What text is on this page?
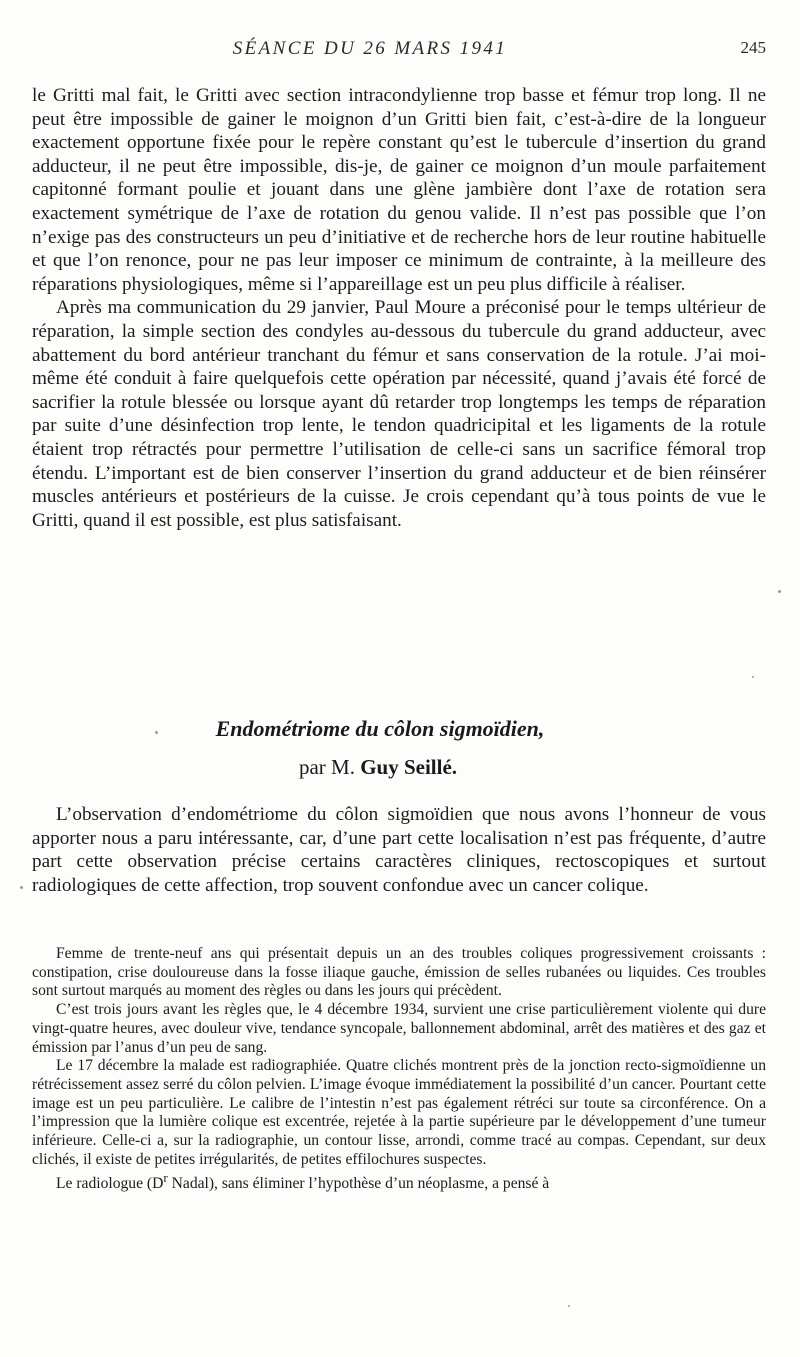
SÉANCE DU 26 MARS 1941	245

le Gritti mal fait, le Gritti avec section intracondylienne trop basse et fémur trop long. Il ne peut être impossible de gainer le moignon d’un Gritti bien fait, c’est-à-dire de la longueur exactement opportune fixée pour le repère constant qu’est le tubercule d’insertion du grand adducteur, il ne peut être impossible, dis-je, de gainer ce moignon d’un moule parfaitement capitonné formant poulie et jouant dans une glène jambière dont l’axe de rotation sera exactement symétrique de l’axe de rotation du genou valide. Il n’est pas possible que l’on n’exige pas des constructeurs un peu d’initiative et de recherche hors de leur routine habituelle et que l’on renonce, pour ne pas leur imposer ce minimum de contrainte, à la meilleure des réparations physiologiques, même si l’appareillage est un peu plus difficile à réaliser.

Après ma communication du 29 janvier, Paul Moure a préconisé pour le temps ultérieur de réparation, la simple section des condyles au-dessous du tubercule du grand adducteur, avec abattement du bord antérieur tranchant du fémur et sans conservation de la rotule. J’ai moi-même été conduit à faire quelquefois cette opération par nécessité, quand j’avais été forcé de sacrifier la rotule blessée ou lorsque ayant dû retarder trop longtemps les temps de réparation par suite d’une désinfection trop lente, le tendon quadricipital et les ligaments de la rotule étaient trop rétractés pour permettre l’utilisation de celle-ci sans un sacrifice fémoral trop étendu. L’important est de bien conserver l’insertion du grand adducteur et de bien réinsérer muscles antérieurs et postérieurs de la cuisse. Je crois cependant qu’à tous points de vue le Gritti, quand il est possible, est plus satisfaisant.

Endométriome du côlon sigmoïdien,

par M. Guy Seillé.

L’observation d’endométriome du côlon sigmoïdien que nous avons l’honneur de vous apporter nous a paru intéressante, car, d’une part cette localisation n’est pas fréquente, d’autre part cette observation précise certains caractères cliniques, rectoscopiques et surtout radiologiques de cette affection, trop souvent confondue avec un cancer colique.

Femme de trente-neuf ans qui présentait depuis un an des troubles coliques progressivement croissants : constipation, crise douloureuse dans la fosse iliaque gauche, émission de selles rubanées ou liquides. Ces troubles sont surtout marqués au moment des règles ou dans les jours qui précèdent.

C’est trois jours avant les règles que, le 4 décembre 1934, survient une crise particulièrement violente qui dure vingt-quatre heures, avec douleur vive, tendance syncopale, ballonnement abdominal, arrêt des matières et des gaz et émission par l’anus d’un peu de sang.

Le 17 décembre la malade est radiographiée. Quatre clichés montrent près de la jonction recto-sigmoïdienne un rétrécissement assez serré du côlon pelvien. L’image évoque immédiatement la possibilité d’un cancer. Pourtant cette image est un peu particulière. Le calibre de l’intestin n’est pas également rétréci sur toute sa circonférence. On a l’impression que la lumière colique est excentrée, rejetée à la partie supérieure par le développement d’une tumeur inférieure. Celle-ci a, sur la radiographie, un contour lisse, arrondi, comme tracé au compas. Cependant, sur deux clichés, il existe de petites irrégularités, de petites effilochures suspectes.

Le radiologue ($D^r$ Nadal), sans éliminer l’hypothèse d’un néoplasme, a pensé à
